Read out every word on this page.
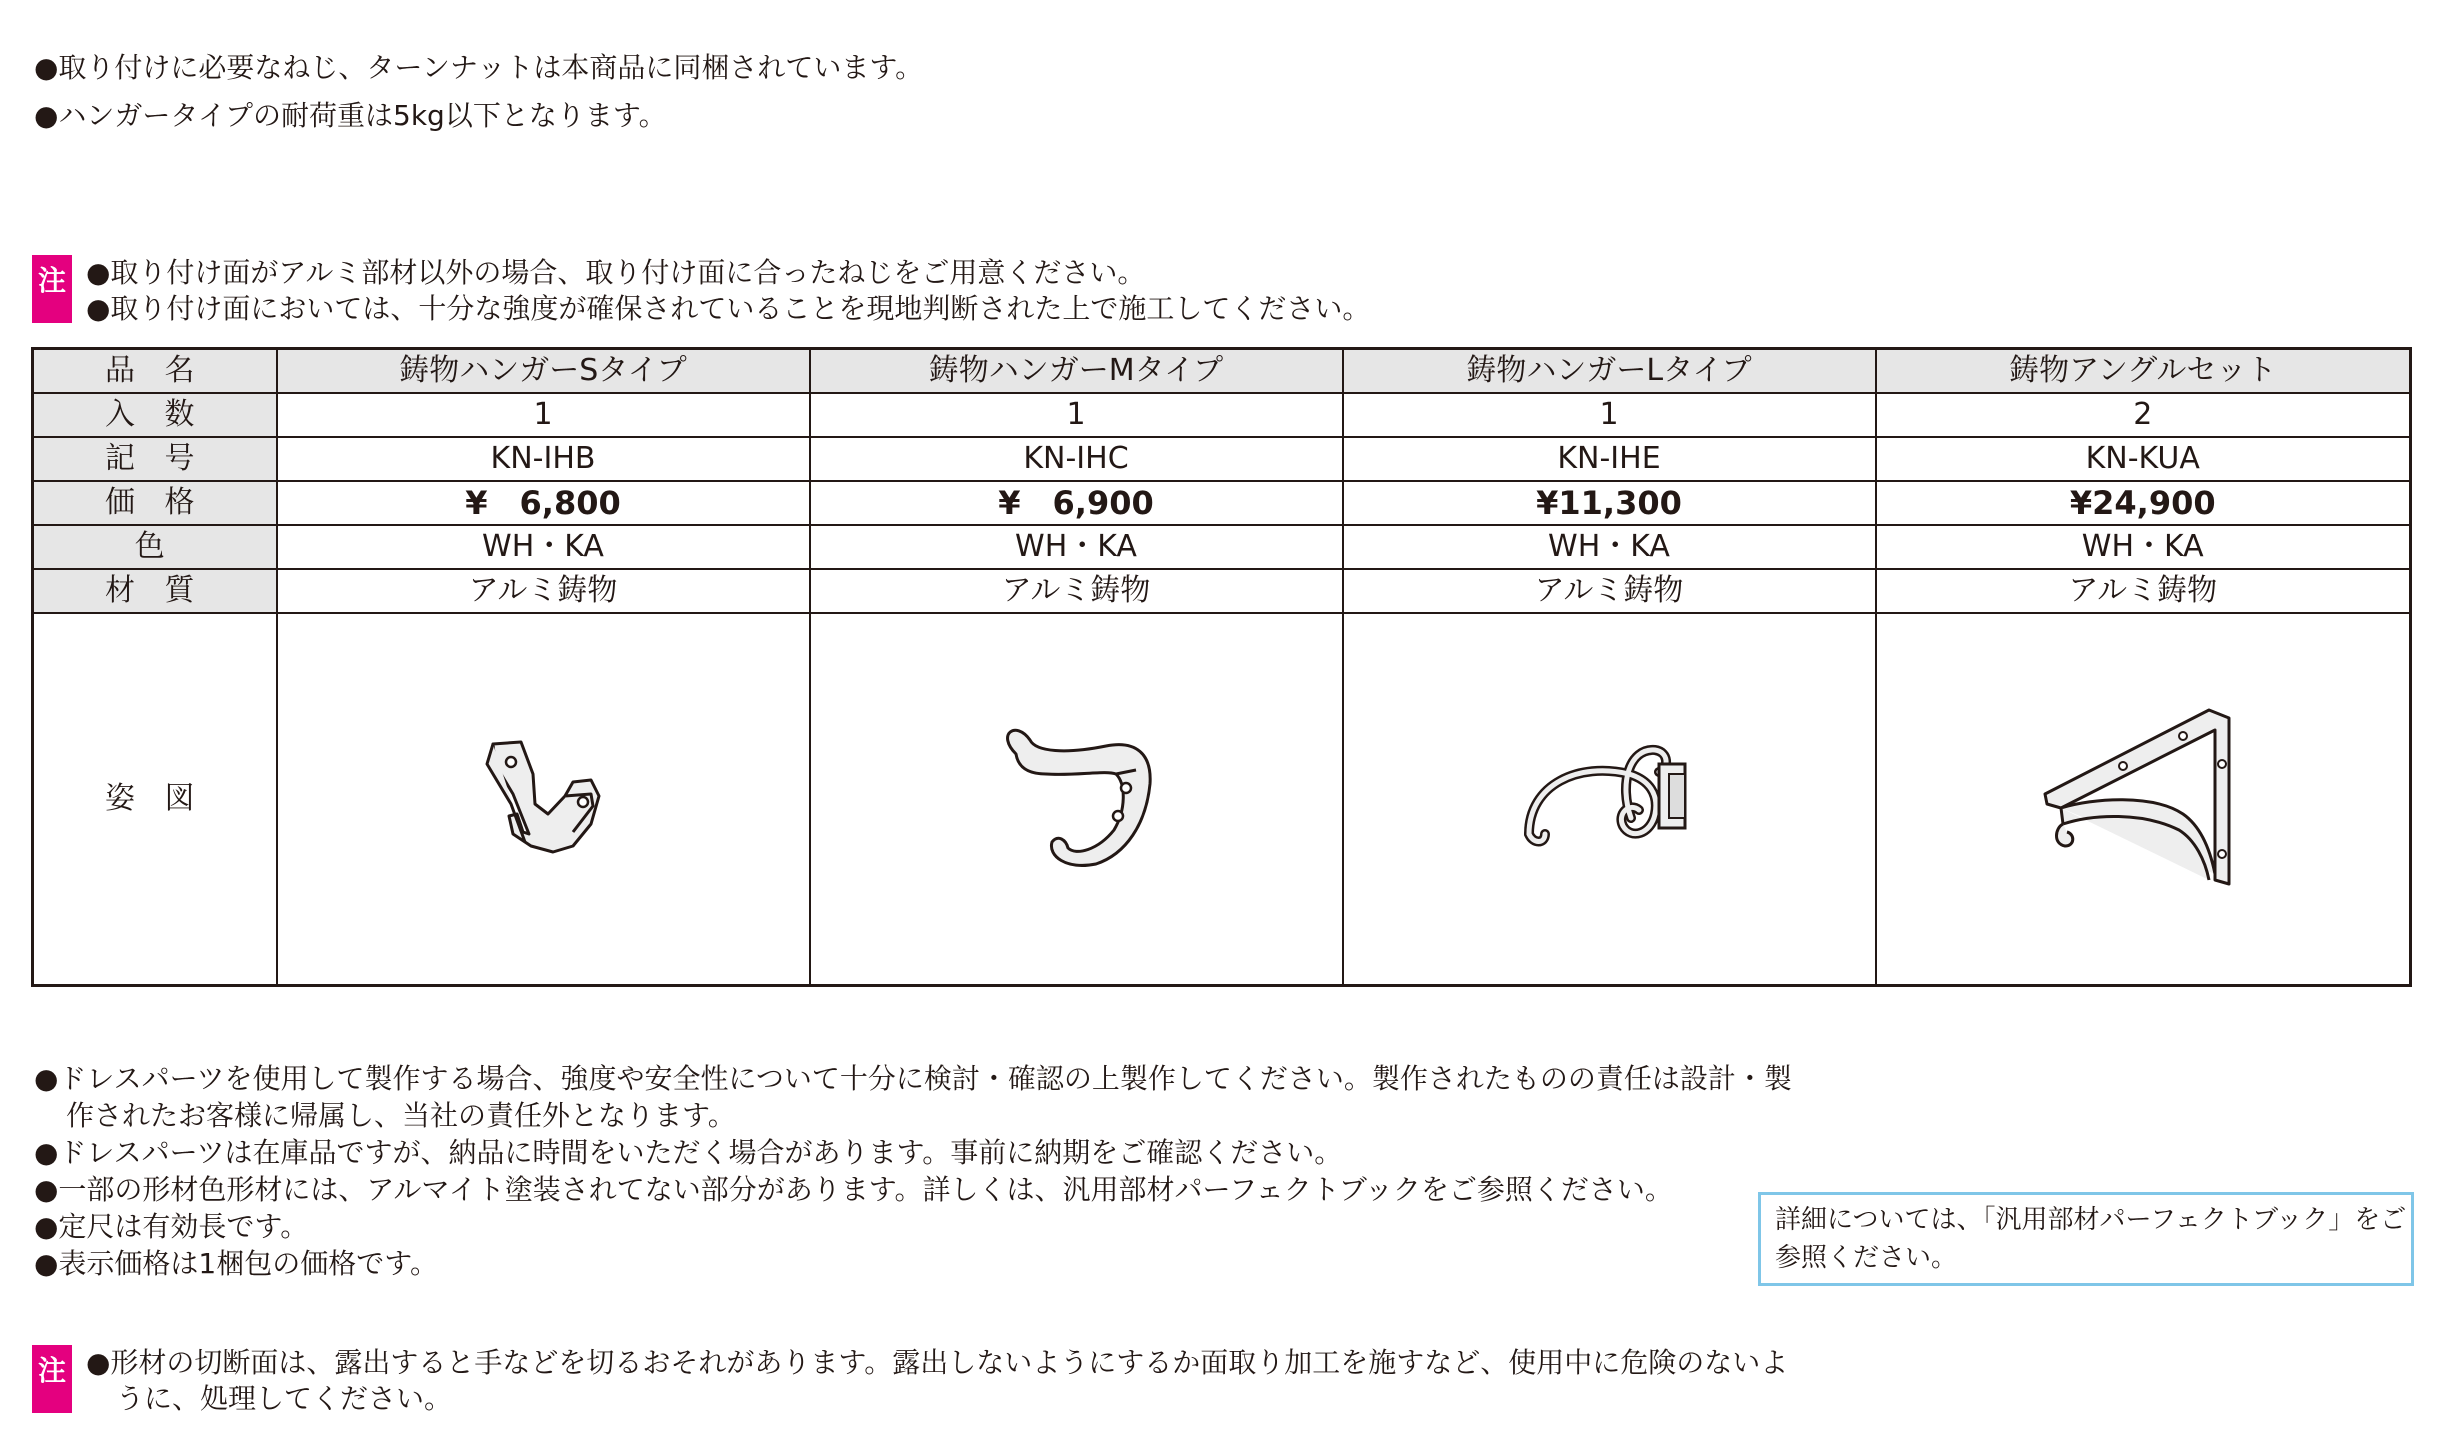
●取り付けに必要なねじ、ターンナットは本商品に同梱されています。
●ハンガータイプの耐荷重は5kg以下となります。
注 ●取り付け面がアルミ部材以外の場合、取り付け面に合ったねじをご用意ください。
●取り付け面においては、十分な強度が確保されていることを現地判断された上で施工してください。
品 名	鋳物ハンガーSタイプ	鋳物ハンガーMタイプ	鋳物ハンガーLタイプ	鋳物アングルセット
入 数	1	1	1	2
記 号	KN-IHB	KN-IHC	KN-IHE	KN-KUA
価 格	¥　6,800	¥　6,900	¥11,300	¥24,900
色	WH・KA	WH・KA	WH・KA	WH・KA
材 質	アルミ鋳物	アルミ鋳物	アルミ鋳物	アルミ鋳物
姿 図	

●ドレスパーツを使用して製作する場合、強度や安全性について十分に検討・確認の上製作してください。製作されたものの責任は設計・製
作されたお客様に帰属し、当社の責任外となります。
●ドレスパーツは在庫品ですが、納品に時間をいただく場合があります。事前に納期をご確認ください。
●一部の形材色形材には、アルマイト塗装されてない部分があります。詳しくは、汎用部材パーフェクトブックをご参照ください。
●定尺は有効長です。
●表示価格は1梱包の価格です。
詳細については、「汎用部材パーフェクトブック」をご
参照ください。
注 ●形材の切断面は、露出すると手などを切るおそれがあります。露出しないようにするか面取り加工を施すなど、使用中に危険のないよ
うに、処理してください。
